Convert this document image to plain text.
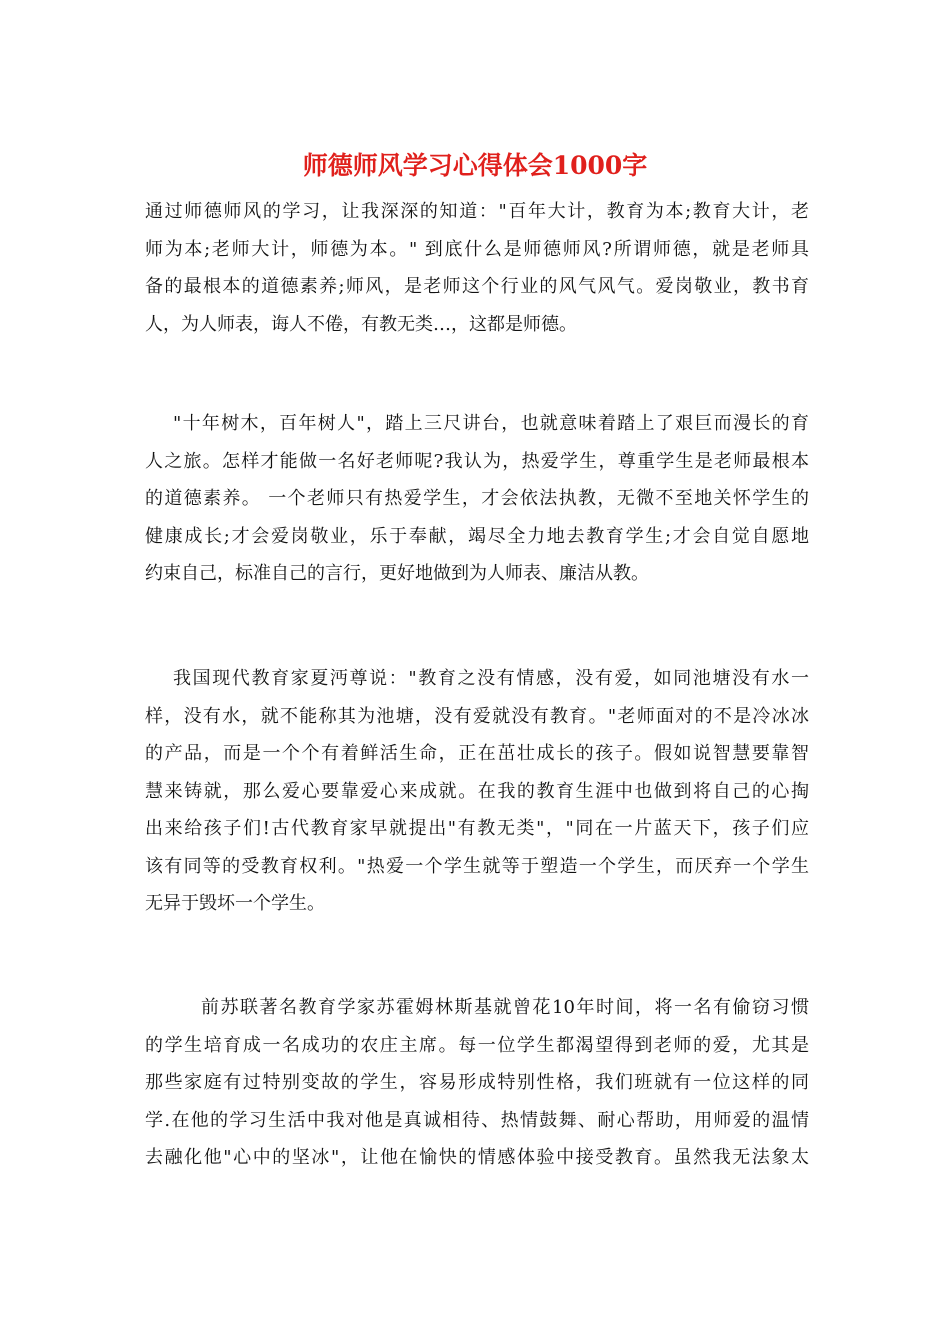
师德师风学习心得体会1000字
通过师德师风的学习，让我深深的知道："百年大计，教育为本;教育大计，老
师为本;老师大计，师德为本。" 到底什么是师德师风?所谓师德，就是老师具
备的最根本的道德素养;师风，是老师这个行业的风气风气。爱岗敬业，教书育
人，为人师表，诲人不倦，有教无类…，这都是师德。
"十年树木，百年树人"，踏上三尺讲台，也就意味着踏上了艰巨而漫长的育
人之旅。怎样才能做一名好老师呢?我认为，热爱学生，尊重学生是老师最根本
的道德素养。 一个老师只有热爱学生，才会依法执教，无微不至地关怀学生的
健康成长;才会爱岗敬业，乐于奉献，竭尽全力地去教育学生;才会自觉自愿地
约束自己，标准自己的言行，更好地做到为人师表、廉洁从教。
我国现代教育家夏沔尊说："教育之没有情感，没有爱，如同池塘没有水一
样，没有水，就不能称其为池塘，没有爱就没有教育。"老师面对的不是冷冰冰
的产品，而是一个个有着鲜活生命，正在茁壮成长的孩子。假如说智慧要靠智
慧来铸就，那么爱心要靠爱心来成就。在我的教育生涯中也做到将自己的心掏
出来给孩子们!古代教育家早就提出"有教无类"，"同在一片蓝天下，孩子们应
该有同等的受教育权利。"热爱一个学生就等于塑造一个学生，而厌弃一个学生
无异于毁坏一个学生。
前苏联著名教育学家苏霍姆林斯基就曾花10年时间，将一名有偷窃习惯
的学生培育成一名成功的农庄主席。每一位学生都渴望得到老师的爱，尤其是
那些家庭有过特别变故的学生，容易形成特别性格，我们班就有一位这样的同
学.在他的学习生活中我对他是真诚相待、热情鼓舞、耐心帮助，用师爱的温情
去融化他"心中的坚冰"，让他在愉快的情感体验中接受教育。虽然我无法象太
